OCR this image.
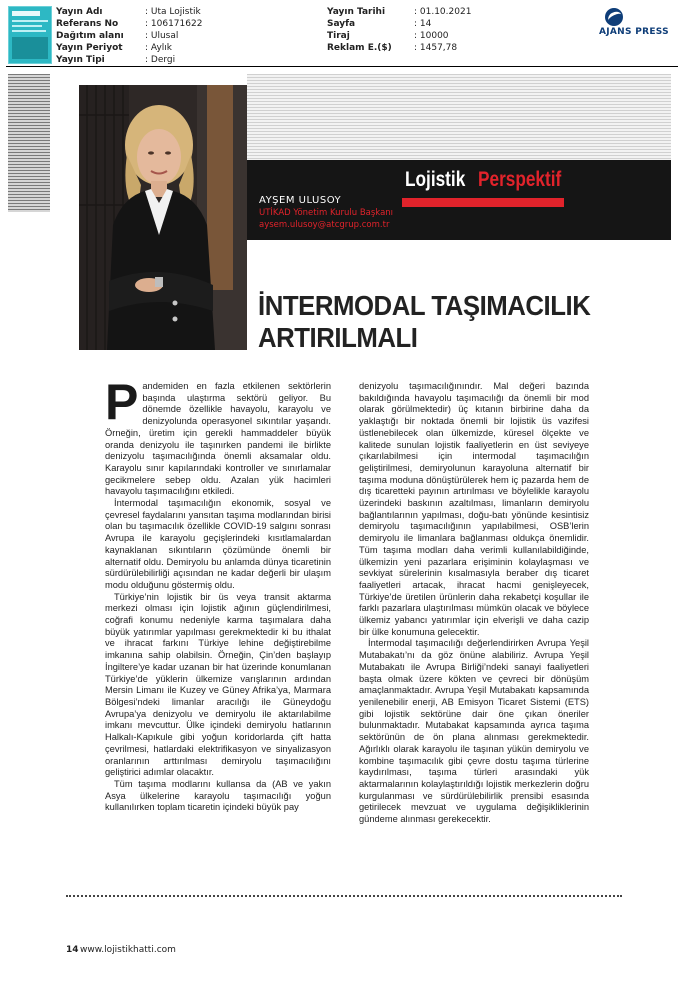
Yayın Adı	: Uta Lojistik
Referans No	: 106171622
Dağıtım alanı : Ulusal
Yayın Periyot : Aylık
Yayın Tipi	: Dergi
Yayın Tarihi	: 01.10.2021
Sayfa	: 14
Tiraj	: 10000
Reklam E.($) : 1457,78
AJANS PRESS
Lojistik Perspektif
AYŞEM ULUSOY
UTİKAD Yönetim Kurulu Başkanı
aysem.ulusoy@atcgrup.com.tr
İNTERMODAL TAŞIMACILIK
ARTIRILMALI

Pandemiden en fazla etkilenen sektörlerin başında ulaştırma sektörü geliyor. Bu dönemde özellikle havayolu, karayolu ve denizyolunda operasyonel sıkıntılar yaşandı. Örneğin, üretim için gerekli hammaddeler büyük oranda denizyolu ile taşınırken pandemi ile birlikte denizyolu taşımacılığında önemli aksamalar oldu. Karayolu sınır kapılarındaki kontroller ve sınırlamalar gecikmelere sebep oldu. Azalan yük hacimleri havayolu taşımacılığını etkiledi.

İntermodal taşımacılığın ekonomik, sosyal ve çevresel faydalarını yansıtan taşıma modlarından birisi olan bu taşımacılık özellikle COVID-19 salgını sonrası Avrupa ile karayolu geçişlerindeki kısıtlamalardan kaynaklanan sıkıntıların çözümünde önemli bir alternatif oldu. Demiryolu bu anlamda dünya ticaretinin sürdürülebilirliği açısından ne kadar değerli bir ulaşım modu olduğunu göstermiş oldu.

Türkiye’nin lojistik bir üs veya transit aktarma merkezi olması için lojistik ağının güçlendirilmesi, coğrafi konumu nedeniyle karma taşımalara daha büyük yatırımlar yapılması gerekmektedir ki bu ithalat ve ihracat farkını Türkiye lehine değiştirebilme imkanına sahip olabilsin. Örneğin, Çin’den başlayıp İngiltere’ye kadar uzanan bir hat üzerinde konumlanan Türkiye’de yüklerin ülkemize varışlarının ardından Mersin Limanı ile Kuzey ve Güney Afrika’ya, Marmara Bölgesi’ndeki limanlar aracılığı ile Güneydoğu Avrupa’ya denizyolu ve demiryolu ile aktarılabilme imkanı mevcuttur. Ülke içindeki demiryolu hatlarının Halkalı-Kapıkule gibi yoğun koridorlarda çift hatta çevrilmesi, hatlardaki elektrifikasyon ve sinyalizasyon oranlarının arttırılması demiryolu taşımacılığını geliştirici adımlar olacaktır.

Tüm taşıma modlarını kullansa da (AB ve yakın Asya ülkelerine karayolu taşımacılığı yoğun kullanılırken toplam ticaretin içindeki büyük pay

denizyolu taşımacılığınındır. Mal değeri bazında bakıldığında havayolu taşımacılığı da önemli bir mod olarak görülmektedir) üç kıtanın birbirine daha da yaklaştığı bir noktada önemli bir lojistik üs vazifesi üstlenebilecek olan ülkemizde, küresel ölçekte ve kalitede sunulan lojistik faaliyetlerin en üst seviyeye çıkarılabilmesi için intermodal taşımacılığın geliştirilmesi, demiryolunun karayoluna alternatif bir taşıma moduna dönüştürülerek hem iç pazarda hem de dış ticaretteki payının artırılması ve böylelikle karayolu üzerindeki baskının azaltılması, limanların demiryolu bağlantılarının yapılması, doğu-batı yönünde kesintisiz demiryolu taşımacılığının yapılabilmesi, OSB’lerin demiryolu ile limanlara bağlanması oldukça önemlidir. Tüm taşıma modları daha verimli kullanılabildiğinde, ülkemizin yeni pazarlara erişiminin kolaylaşması ve sevkiyat sürelerinin kısalmasıyla beraber dış ticaret faaliyetleri artacak, ihracat hacmi genişleyecek, Türkiye’de üretilen ürünlerin daha rekabetçi koşullar ile farklı pazarlara ulaştırılması mümkün olacak ve böylece ülkemiz yabancı yatırımlar için elverişli ve daha cazip bir ülke konumuna gelecektir.

İntermodal taşımacılığı değerlendirirken Avrupa Yeşil Mutabakatı’nı da göz önüne alabiliriz. Avrupa Yeşil Mutabakatı ile Avrupa Birliği’ndeki sanayi faaliyetleri başta olmak üzere kökten ve çevreci bir dönüşüm amaçlanmaktadır. Avrupa Yeşil Mutabakatı kapsamında yenilenebilir enerji, AB Emisyon Ticaret Sistemi (ETS) gibi lojistik sektörüne dair öne çıkan öneriler bulunmaktadır. Mutabakat kapsamında ayrıca taşıma sektörünün de ön plana alınması gerekmektedir. Ağırlıklı olarak karayolu ile taşınan yükün demiryolu ve kombine taşımacılık gibi çevre dostu taşıma türlerine kaydırılması, taşıma türleri arasındaki yük aktarmalarının kolaylaştırıldığı lojistik merkezlerin doğru kurgulanması ve sürdürülebilirlik prensibi esasında getirilecek mevzuat ve uygulama değişikliklerinin gündeme alınması gerekecektir.

14 www.lojistikhatti.com
